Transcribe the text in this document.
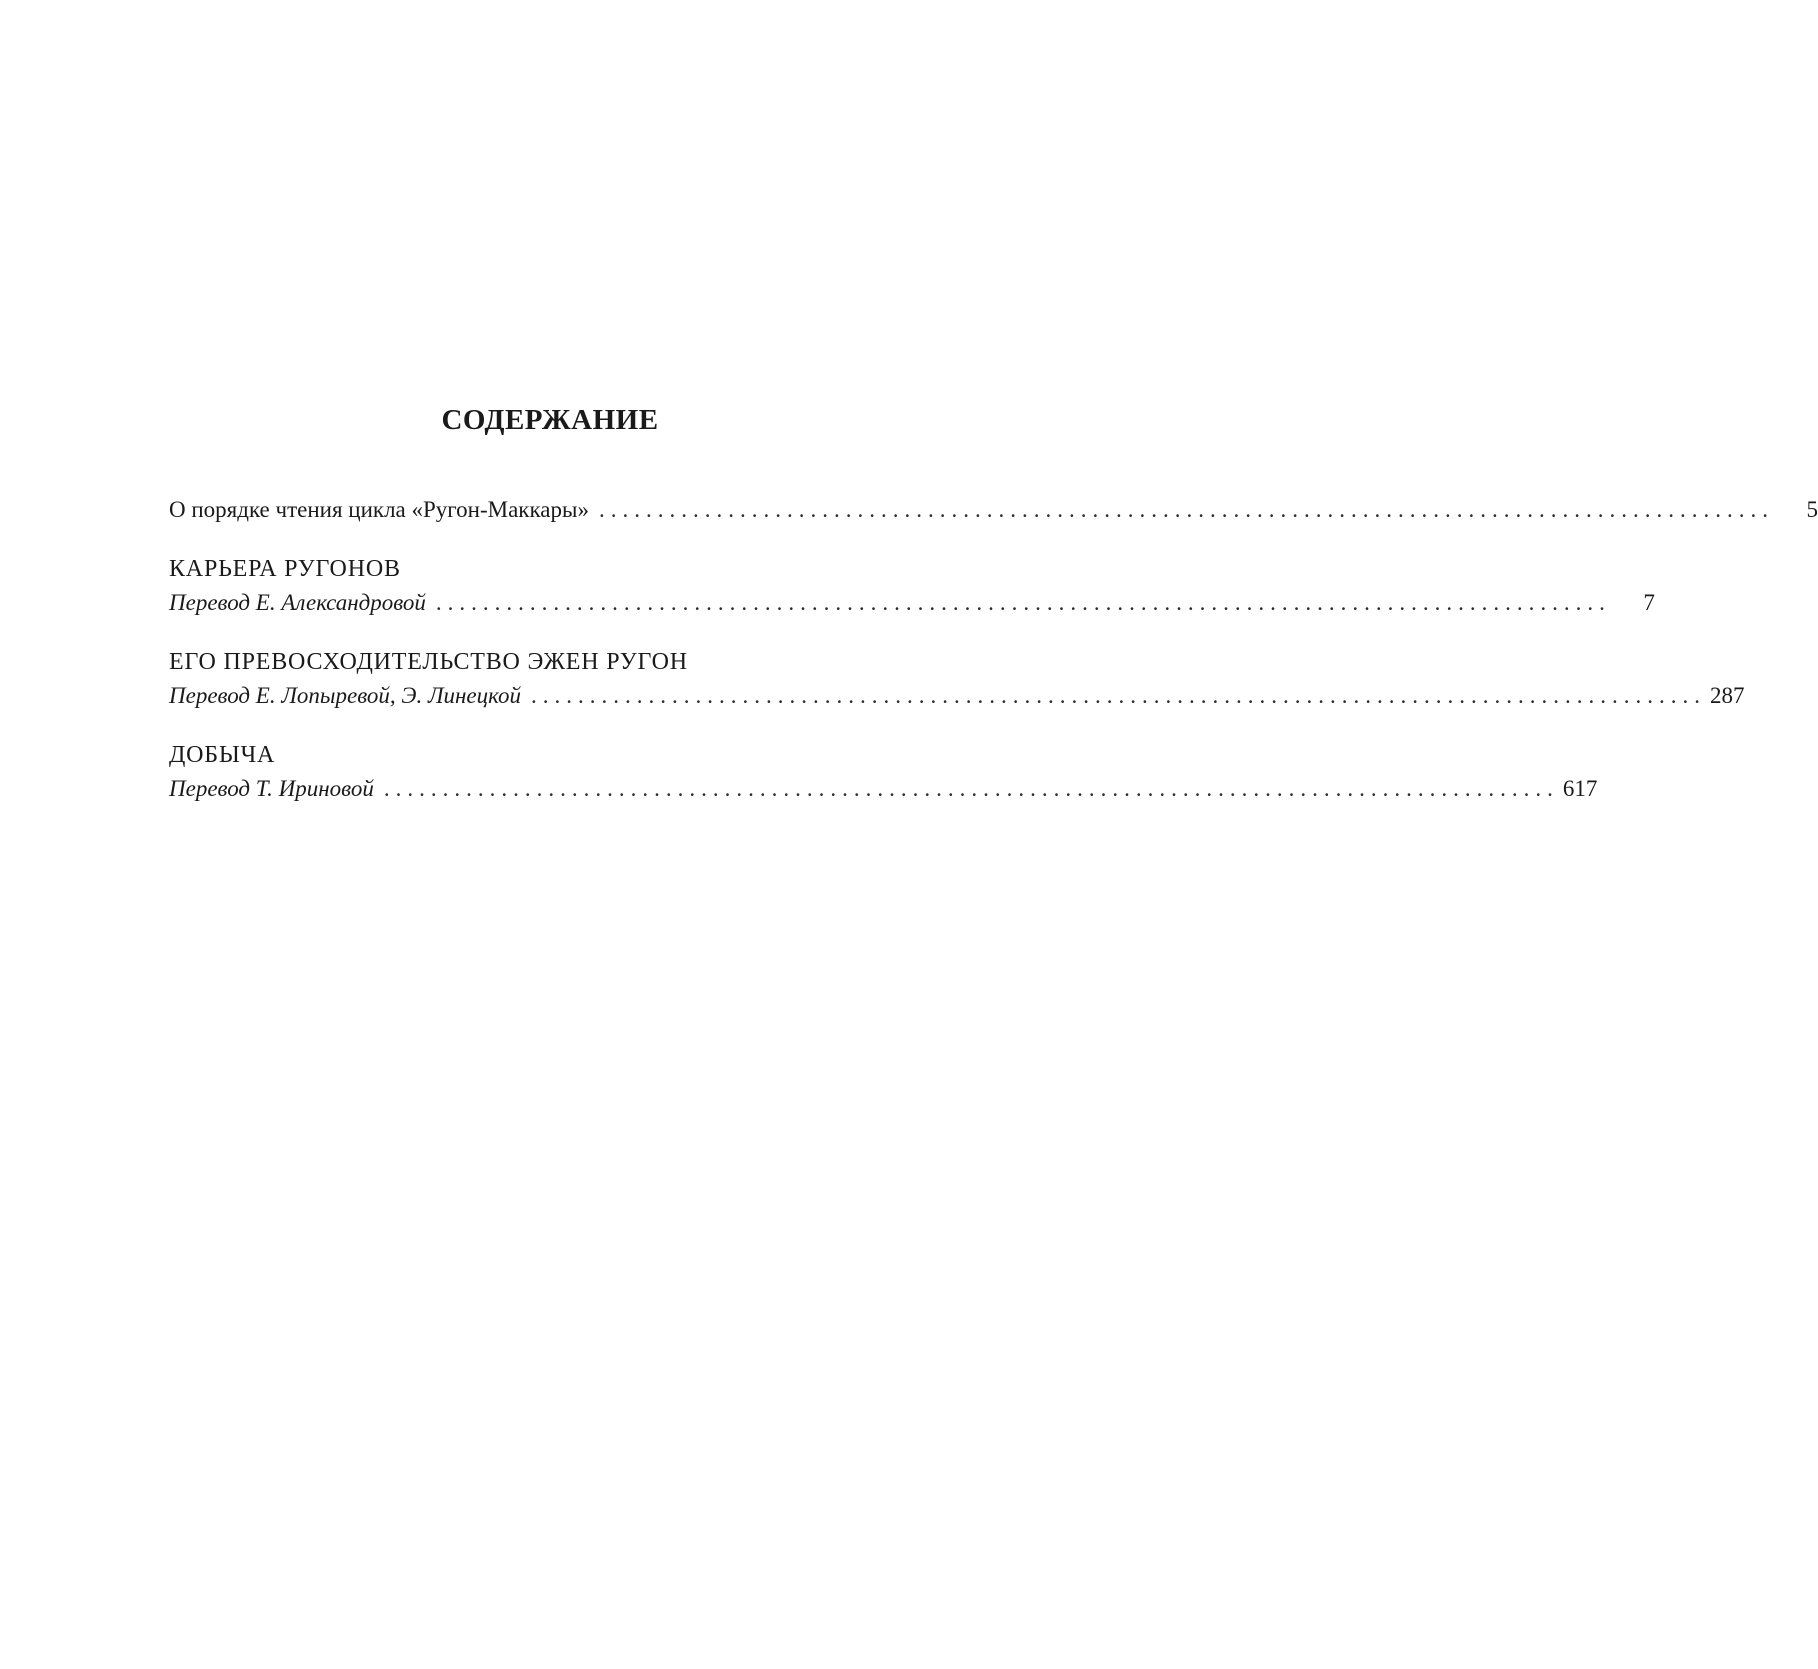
СОДЕРЖАНИЕ
О порядке чтения цикла «Ругон-Маккары» ....................................................................................................	5
КАРЬЕРА РУГОНОВ
Перевод Е. Александровой ....................................................................................................	7
ЕГО ПРЕВОСХОДИТЕЛЬСТВО ЭЖЕН РУГОН
Перевод Е. Лопыревой, Э. Линецкой .................................................................................................... 287
ДОБЫЧА
Перевод Т. Ириновой .................................................................................................... 617
